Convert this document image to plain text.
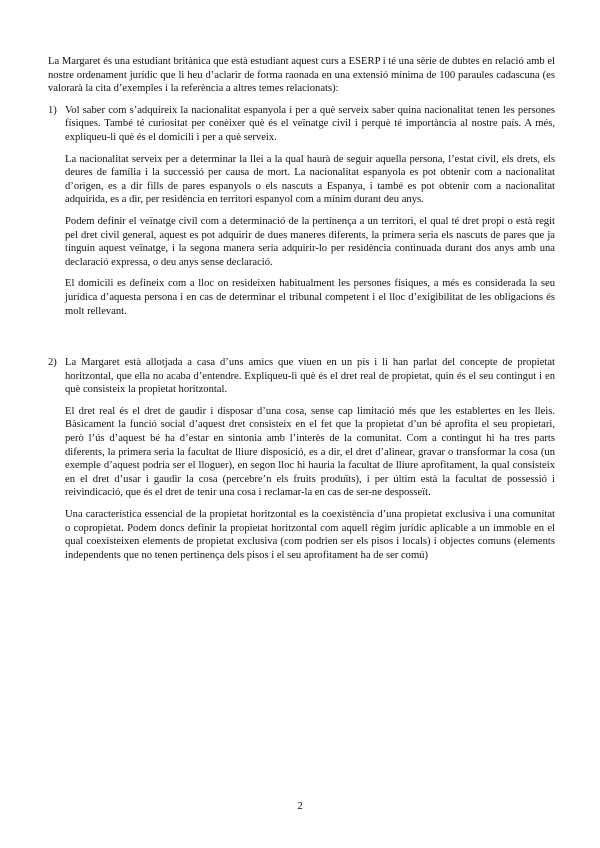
La Margaret és una estudiant britànica que està estudiant aquest curs a ESERP i té una sèrie de dubtes en relació amb el nostre ordenament jurídic que li heu d’aclarir de forma raonada en una extensió mínima de 100 paraules cadascuna (es valorarà la cita d’exemples i la referència a altres temes relacionats):

1) Vol saber com s’adquireix la nacionalitat espanyola i per a què serveix saber quina nacionalitat tenen les persones físiques. També té curiositat per conèixer què és el veïnatge civil i perquè té importància al nostre país. A més, expliqueu-li què és el domicili i per a què serveix.

La nacionalitat serveix per a determinar la llei a la qual haurà de seguir aquella persona, l’estat civil, els drets, els deures de família i la successió per causa de mort. La nacionalitat espanyola es pot obtenir com a nacionalitat d’origen, es a dir fills de pares espanyols o els nascuts a Espanya, i també es pot obtenir com a nacionalitat adquirida, es a dir, per residència en territori espanyol com a mínim durant deu anys.

Podem definir el veïnatge civil com a determinació de la pertinença a un territori, el qual té dret propi o està regit pel dret civil general, aquest es pot adquirir de dues maneres diferents, la primera seria els nascuts de pares que ja tinguin aquest veïnatge, i la segona manera seria adquirir-lo per residència continuada durant dos anys amb una declaració expressa, o deu anys sense declaració.

El domicili es defineix com a lloc on resideixen habitualment les persones físiques, a més es considerada la seu jurídica d’aquesta persona i en cas de determinar el tribunal competent i el lloc d’exigibilitat de les obligacions és molt rellevant.

2) La Margaret està allotjada a casa d’uns amics que viuen en un pis i li han parlat del concepte de propietat horitzontal, que ella no acaba d’entendre. Expliqueu-li què és el dret real de propietat, quin és el seu contingut i en què consisteix la propietat horitzontal.

El dret real és el dret de gaudir i disposar d’una cosa, sense cap limitació més que les establertes en les lleis. Bàsicament la funció social d’aquest dret consisteix en el fet que la propietat d’un bé aprofita el seu propietari, però l’ús d’aquest bé ha d’estar en sintonia amb l’interès de la comunitat. Com a contingut hi ha tres parts diferents, la primera seria la facultat de lliure disposició, es a dir, el dret d’alinear, gravar o transformar la cosa (un exemple d’aquest podria ser el lloguer), en segon lloc hi hauria la facultat de lliure aprofitament, la qual consisteix en el dret d’usar i gaudir la cosa (percebre’n els fruits produïts), i per últim està la facultat de possessió i reivindicació, que és el dret de tenir una cosa i reclamar-la en cas de ser-ne desposseït.

Una característica essencial de la propietat horitzontal es la coexistència d’una propietat exclusiva i una comunitat o copropietat. Podem doncs definir la propietat horitzontal com aquell règim jurídic aplicable a un immoble en el qual coexisteixen elements de propietat exclusiva (com podrien ser els pisos i locals) i objectes comuns (elements independents que no tenen pertinença dels pisos i el seu aprofitament ha de ser comú)

2
